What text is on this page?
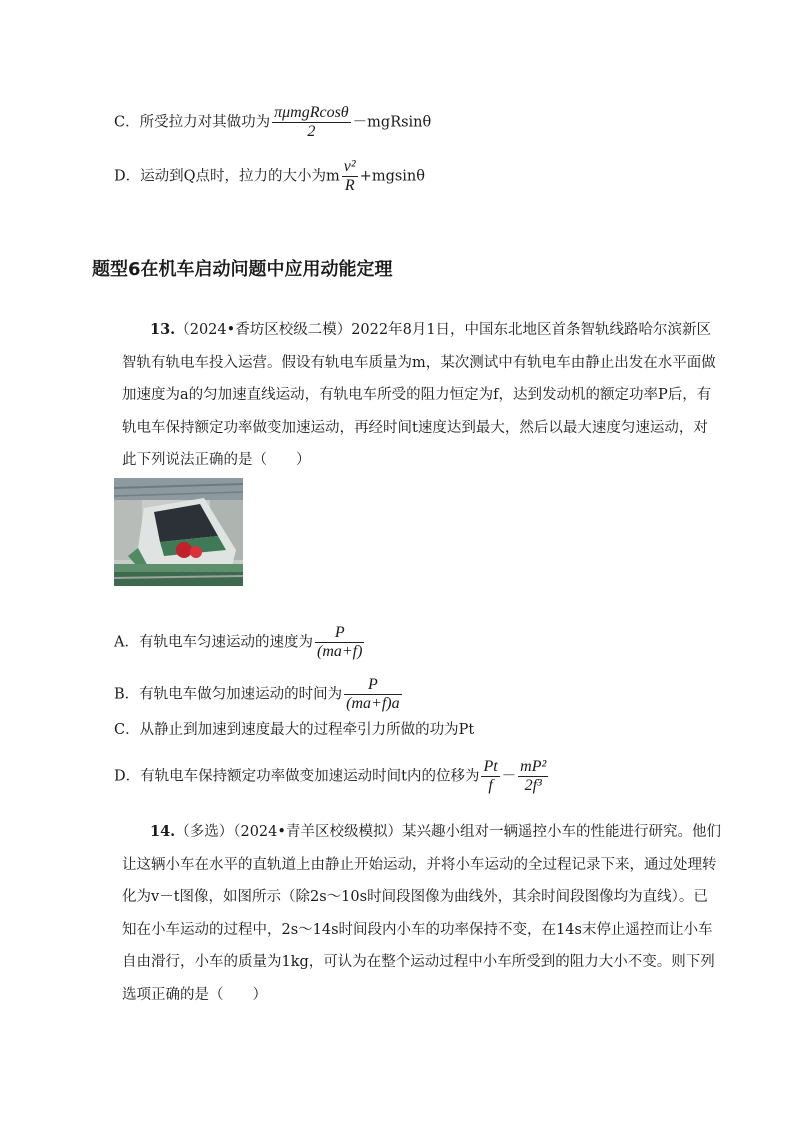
C．所受拉力对其做功为 $\frac{\text{πμmgRcosθ}}{2} -mgRsin\theta$
D．运动到Q点时，拉力的大小为m $\frac{\text{v²}}{R} +mgsin\theta$
题型6在机车启动问题中应用动能定理
13.（2024•香坊区校级二模）2022年8月1日，中国东北地区首条智轨线路哈尔滨新区智轨有轨电车投入运营。假设有轨电车质量为m，某次测试中有轨电车由静止出发在水平面做加速度为a的匀加速直线运动，有轨电车所受的阻力恒定为f，达到发动机的额定功率P后，有轨电车保持额定功率做变加速运动，再经时间t速度达到最大，然后以最大速度匀速运动，对此下列说法正确的是（　　）
A．有轨电车匀速运动的速度为 $\frac{P}{(ma+f)}$
B．有轨电车做匀加速运动的时间为 $\frac{P}{(ma+f)a}$
C．从静止到加速到速度最大的过程牵引力所做的功为Pt
D．有轨电车保持额定功率做变加速运动时间t内的位移为 $\frac{Pt}{f} - \frac{\text{mP²}}{\text{2f³}}$
14.（多选）（2024•青羊区校级模拟）某兴趣小组对一辆遥控小车的性能进行研究。他们让这辆小车在水平的直轨道上由静止开始运动，并将小车运动的全过程记录下来，通过处理转化为v－t图像，如图所示（除2s～10s时间段图像为曲线外，其余时间段图像均为直线）。已知在小车运动的过程中，2s～14s时间段内小车的功率保持不变，在14s末停止遥控而让小车自由滑行，小车的质量为1kg，可认为在整个运动过程中小车所受到的阻力大小不变。则下列选项正确的是（　　）
